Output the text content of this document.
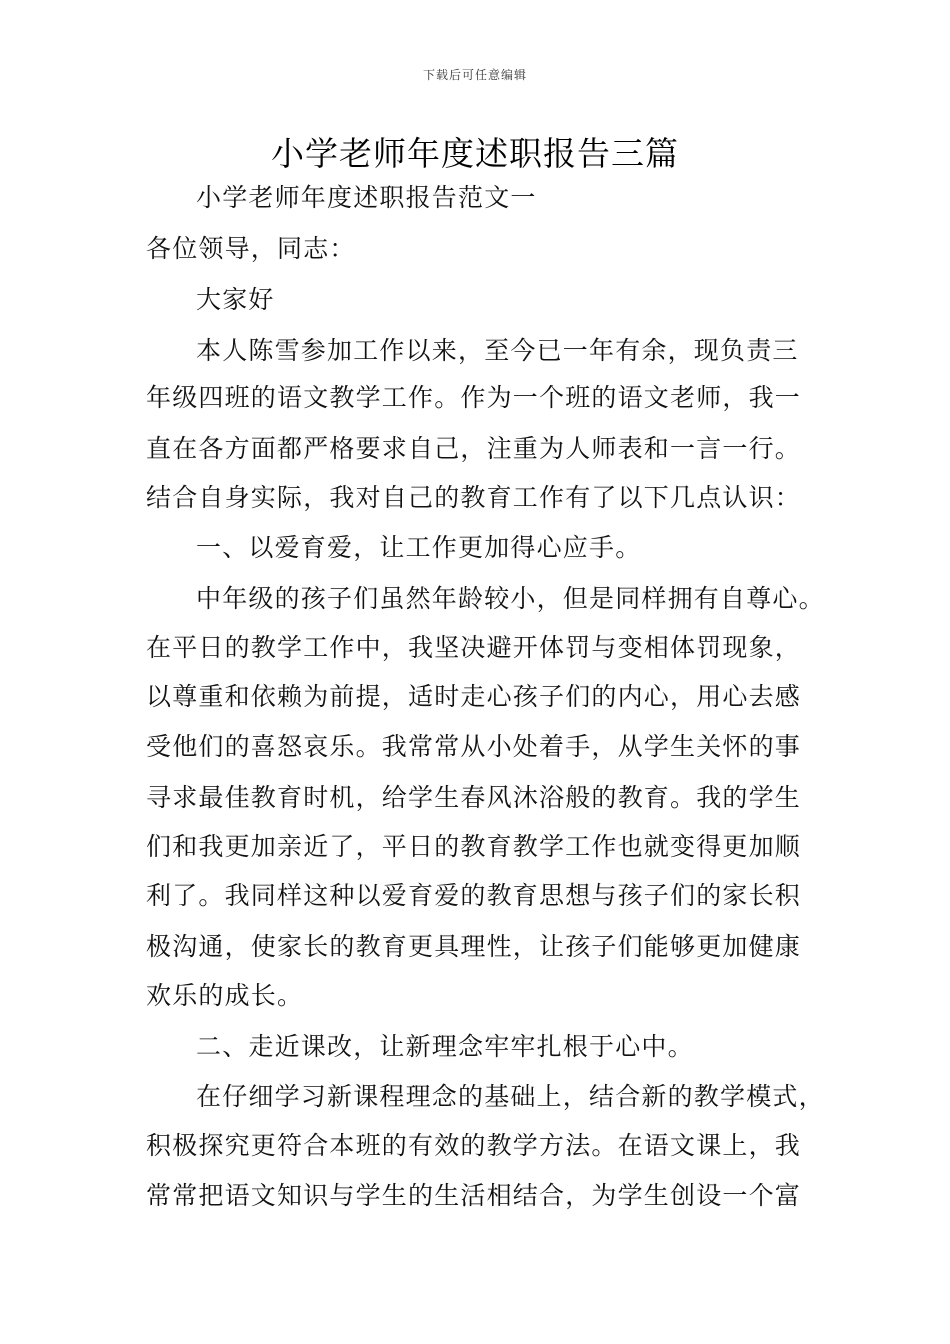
下载后可任意编辑
小学老师年度述职报告三篇
小学老师年度述职报告范文一
各位领导，同志：
大家好
本人陈雪参加工作以来，至今已一年有余，现负责三
年级四班的语文教学工作。作为一个班的语文老师，我一
直在各方面都严格要求自己，注重为人师表和一言一行。
结合自身实际，我对自己的教育工作有了以下几点认识：
一、以爱育爱，让工作更加得心应手。
中年级的孩子们虽然年龄较小，但是同样拥有自尊心。
在平日的教学工作中，我坚决避开体罚与变相体罚现象，
以尊重和依赖为前提，适时走心孩子们的内心，用心去感
受他们的喜怒哀乐。我常常从小处着手，从学生关怀的事
寻求最佳教育时机，给学生春风沐浴般的教育。我的学生
们和我更加亲近了，平日的教育教学工作也就变得更加顺
利了。我同样这种以爱育爱的教育思想与孩子们的家长积
极沟通，使家长的教育更具理性，让孩子们能够更加健康
欢乐的成长。
二、走近课改，让新理念牢牢扎根于心中。
在仔细学习新课程理念的基础上，结合新的教学模式，
积极探究更符合本班的有效的教学方法。在语文课上，我
常常把语文知识与学生的生活相结合，为学生创设一个富
